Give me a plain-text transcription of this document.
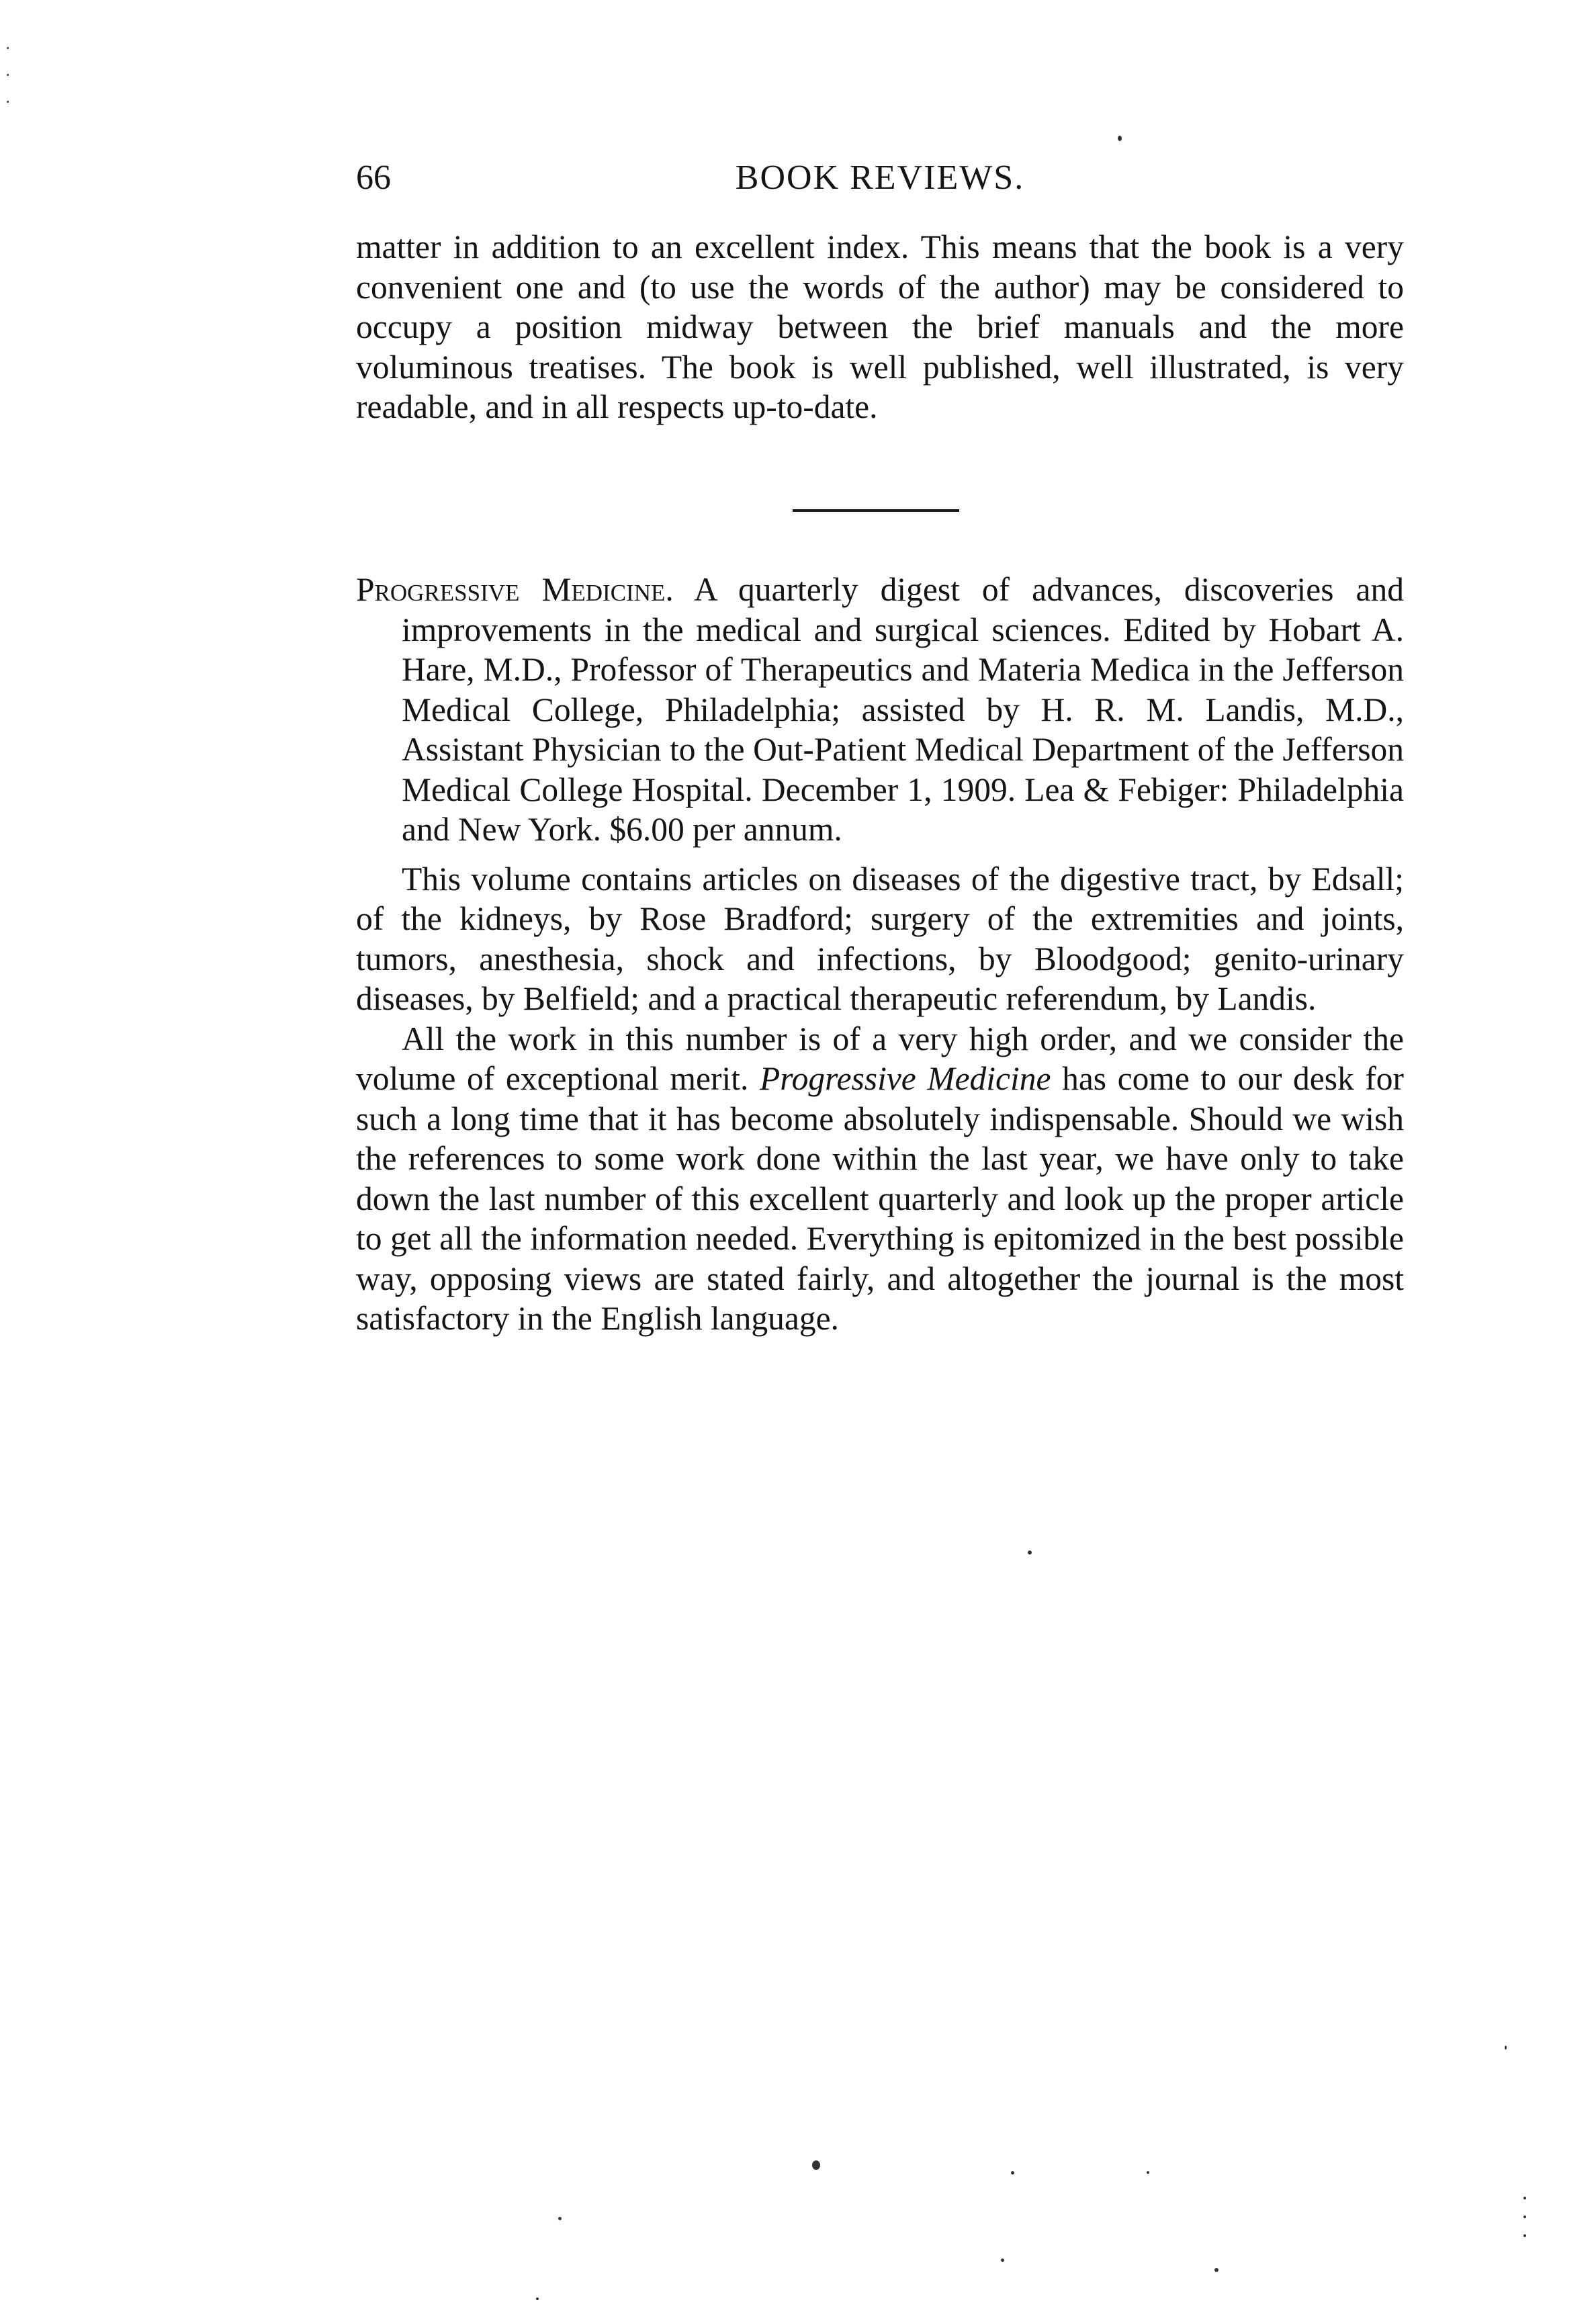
66	BOOK REVIEWS.

matter in addition to an excellent index. This means that the book is a very convenient one and (to use the words of the author) may be considered to occupy a position midway between the brief manuals and the more voluminous treatises. The book is well published, well illustrated, is very readable, and in all respects up-to-date.

Progressive Medicine. A quarterly digest of advances, discoveries and improvements in the medical and surgical sciences. Edited by Hobart A. Hare, M.D., Professor of Therapeutics and Materia Medica in the Jefferson Medical College, Philadelphia; assisted by H. R. M. Landis, M.D., Assistant Physician to the Out-Patient Medical Department of the Jefferson Medical College Hospital. December 1, 1909. Lea & Febiger: Philadelphia and New York. $6.00 per annum.

This volume contains articles on diseases of the digestive tract, by Edsall; of the kidneys, by Rose Bradford; surgery of the extremities and joints, tumors, anesthesia, shock and infections, by Bloodgood; genito-urinary diseases, by Belfield; and a practical therapeutic referendum, by Landis.

All the work in this number is of a very high order, and we consider the volume of exceptional merit. Progressive Medicine has come to our desk for such a long time that it has become absolutely indispensable. Should we wish the references to some work done within the last year, we have only to take down the last number of this excellent quarterly and look up the proper article to get all the information needed. Everything is epitomized in the best possible way, opposing views are stated fairly, and altogether the journal is the most satisfactory in the English language.
